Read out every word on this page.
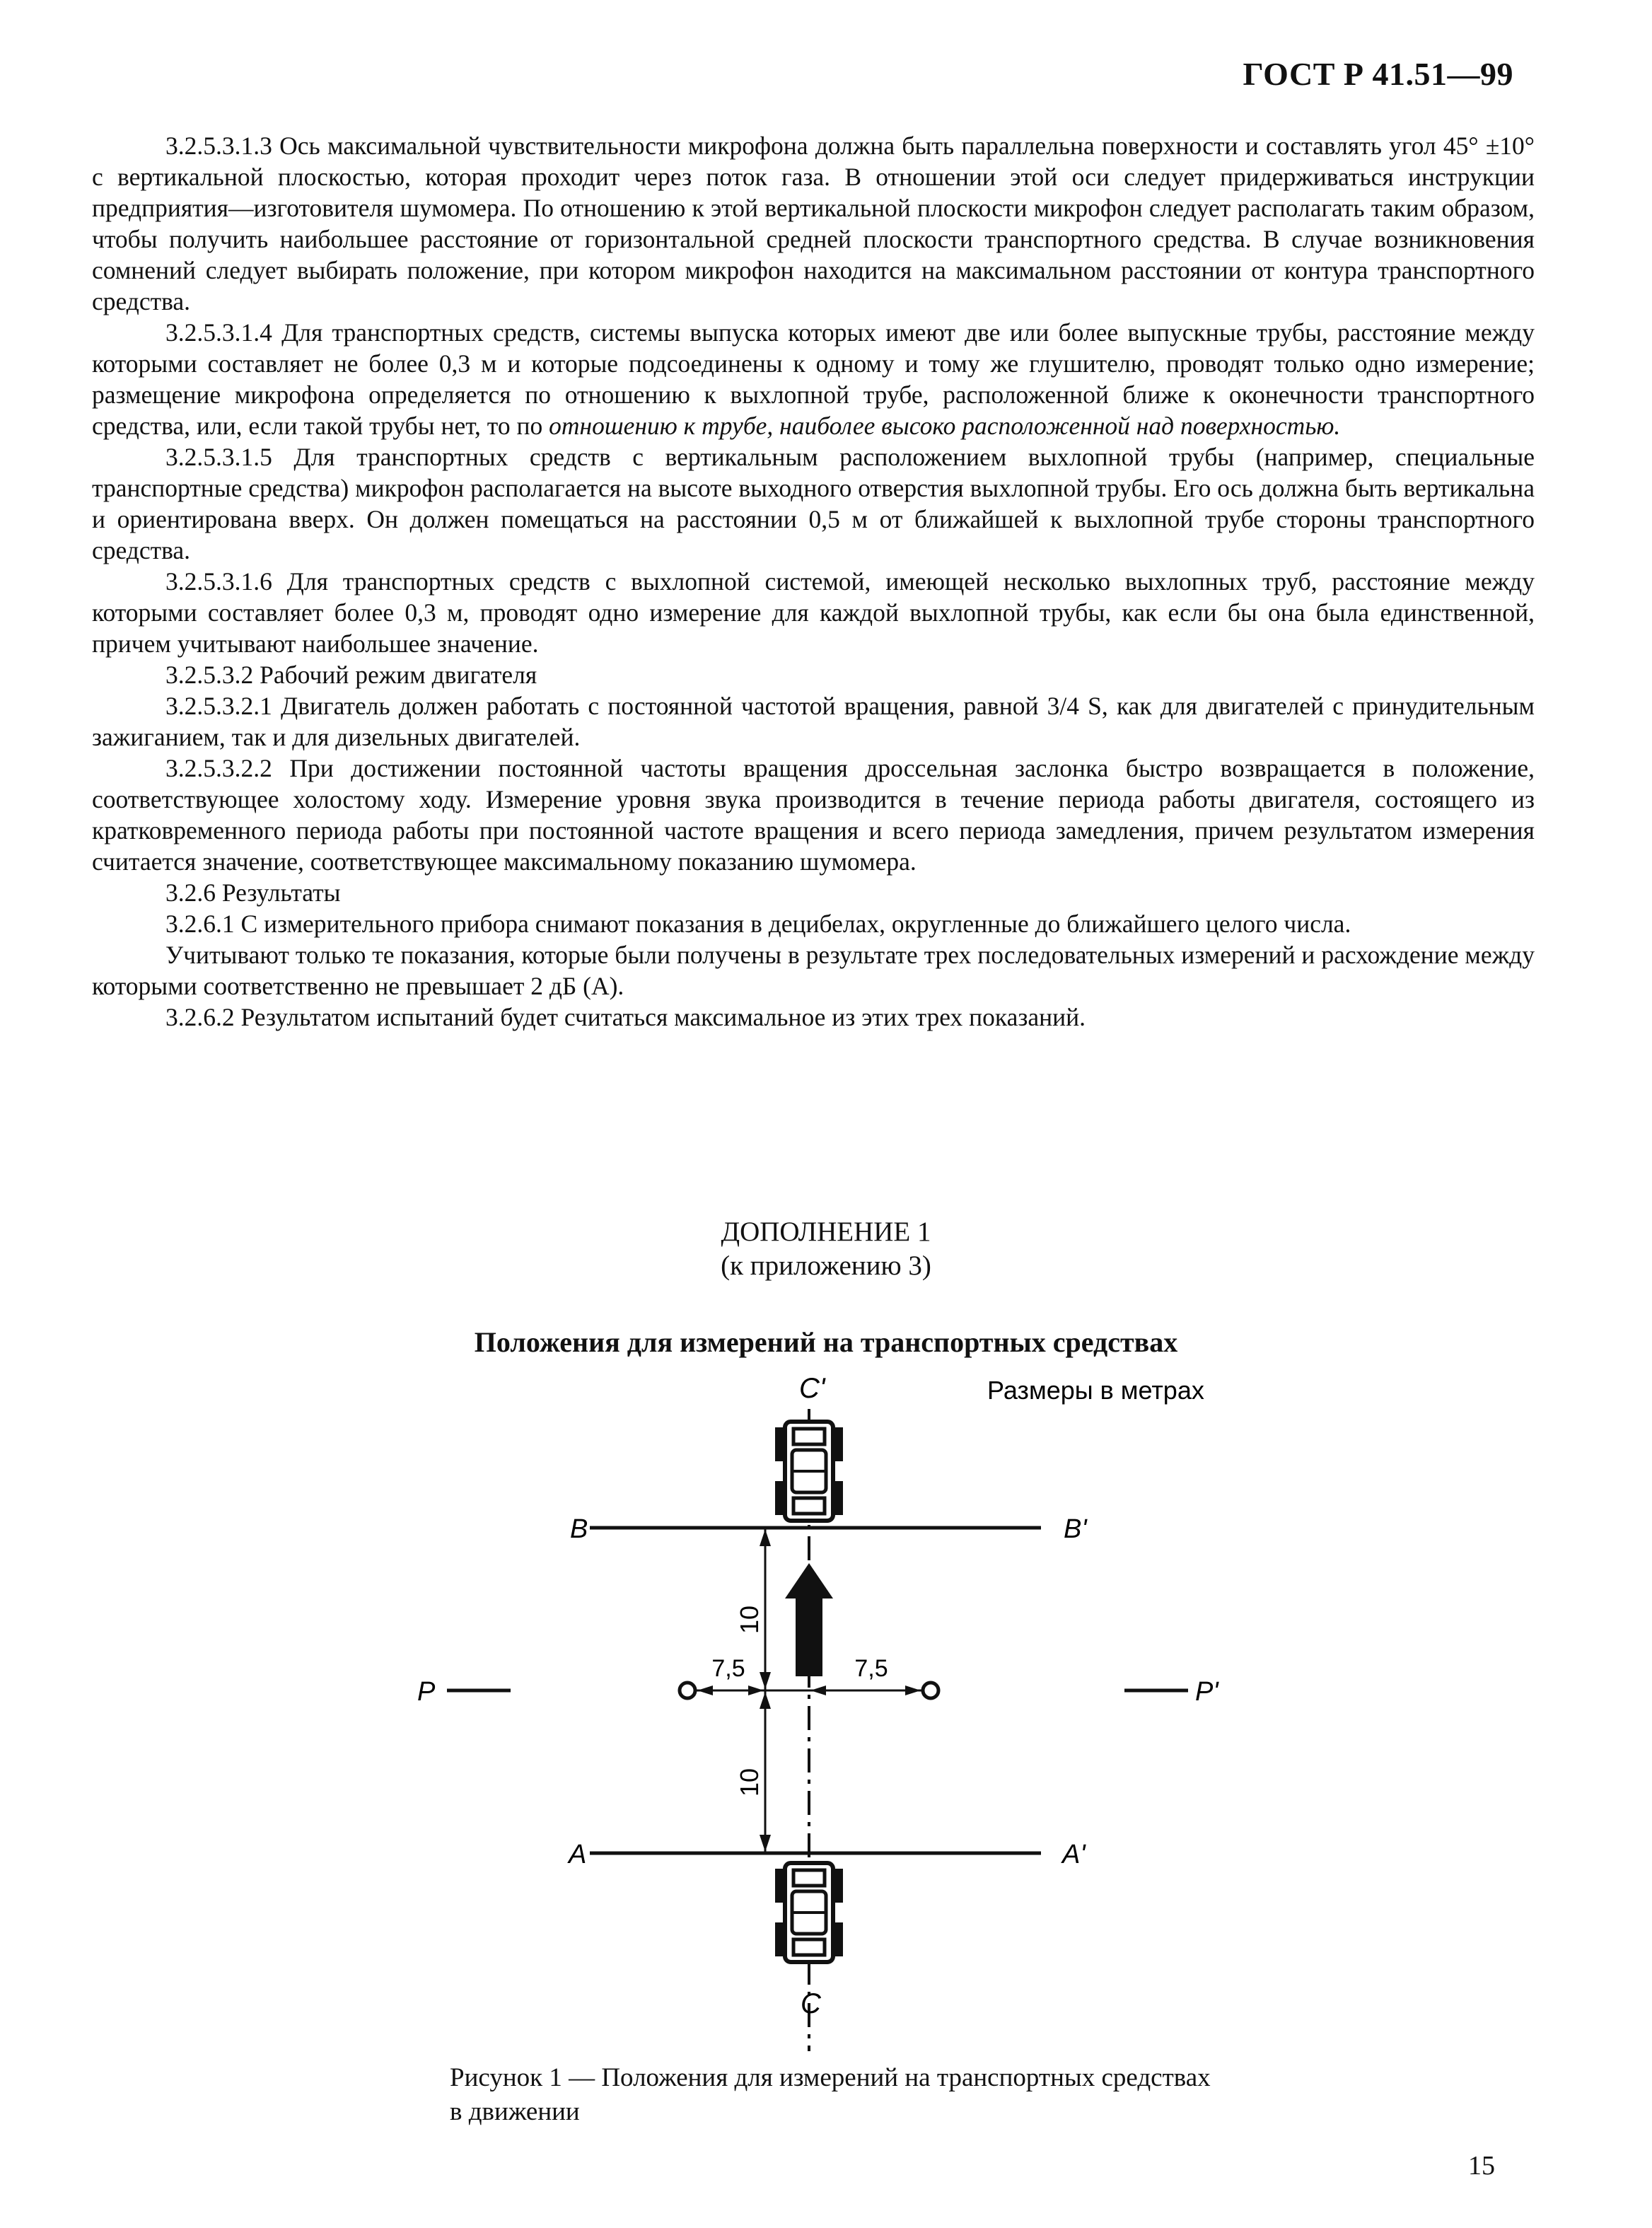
ГОСТ Р 41.51—99

3.2.5.3.1.3 Ось максимальной чувствительности микрофона должна быть параллельна поверхности и составлять угол 45° ±10° с вертикальной плоскостью, которая проходит через поток газа. В отношении этой оси следует придерживаться инструкции предприятия—изготовителя шумомера. По отношению к этой вертикальной плоскости микрофон следует располагать таким образом, чтобы получить наибольшее расстояние от горизонтальной средней плоскости транспортного средства. В случае возникновения сомнений следует выбирать положение, при котором микрофон находится на максимальном расстоянии от контура транспортного средства.

3.2.5.3.1.4 Для транспортных средств, системы выпуска которых имеют две или более выпускные трубы, расстояние между которыми составляет не более 0,3 м и которые подсоединены к одному и тому же глушителю, проводят только одно измерение; размещение микрофона определяется по отношению к выхлопной трубе, расположенной ближе к оконечности транспортного средства, или, если такой трубы нет, то по отношению к трубе, наиболее высоко расположенной над поверхностью.

3.2.5.3.1.5 Для транспортных средств с вертикальным расположением выхлопной трубы (например, специальные транспортные средства) микрофон располагается на высоте выходного отверстия выхлопной трубы. Его ось должна быть вертикальна и ориентирована вверх. Он должен помещаться на расстоянии 0,5 м от ближайшей к выхлопной трубе стороны транспортного средства.

3.2.5.3.1.6 Для транспортных средств с выхлопной системой, имеющей несколько выхлопных труб, расстояние между которыми составляет более 0,3 м, проводят одно измерение для каждой выхлопной трубы, как если бы она была единственной, причем учитывают наибольшее значение.

3.2.5.3.2 Рабочий режим двигателя

3.2.5.3.2.1 Двигатель должен работать с постоянной частотой вращения, равной 3/4 S, как для двигателей с принудительным зажиганием, так и для дизельных двигателей.

3.2.5.3.2.2 При достижении постоянной частоты вращения дроссельная заслонка быстро возвращается в положение, соответствующее холостому ходу. Измерение уровня звука производится в течение периода работы двигателя, состоящего из кратковременного периода работы при постоянной частоте вращения и всего периода замедления, причем результатом измерения считается значение, соответствующее максимальному показанию шумомера.

3.2.6 Результаты

3.2.6.1 С измерительного прибора снимают показания в децибелах, округленные до ближайшего целого числа.

Учитывают только те показания, которые были получены в результате трех последовательных измерений и расхождение между которыми соответственно не превышает 2 дБ (А).

3.2.6.2 Результатом испытаний будет считаться максимальное из этих трех показаний.

ДОПОЛНЕНИЕ 1
(к приложению 3)
Положения для измерений на транспортных средствах
Размеры в метрах
C'
B	B'
10
10
P	P'
7,5	7,5
A	A'
C
Рисунок 1 — Положения для измерений на транспортных средствах в движении
15
